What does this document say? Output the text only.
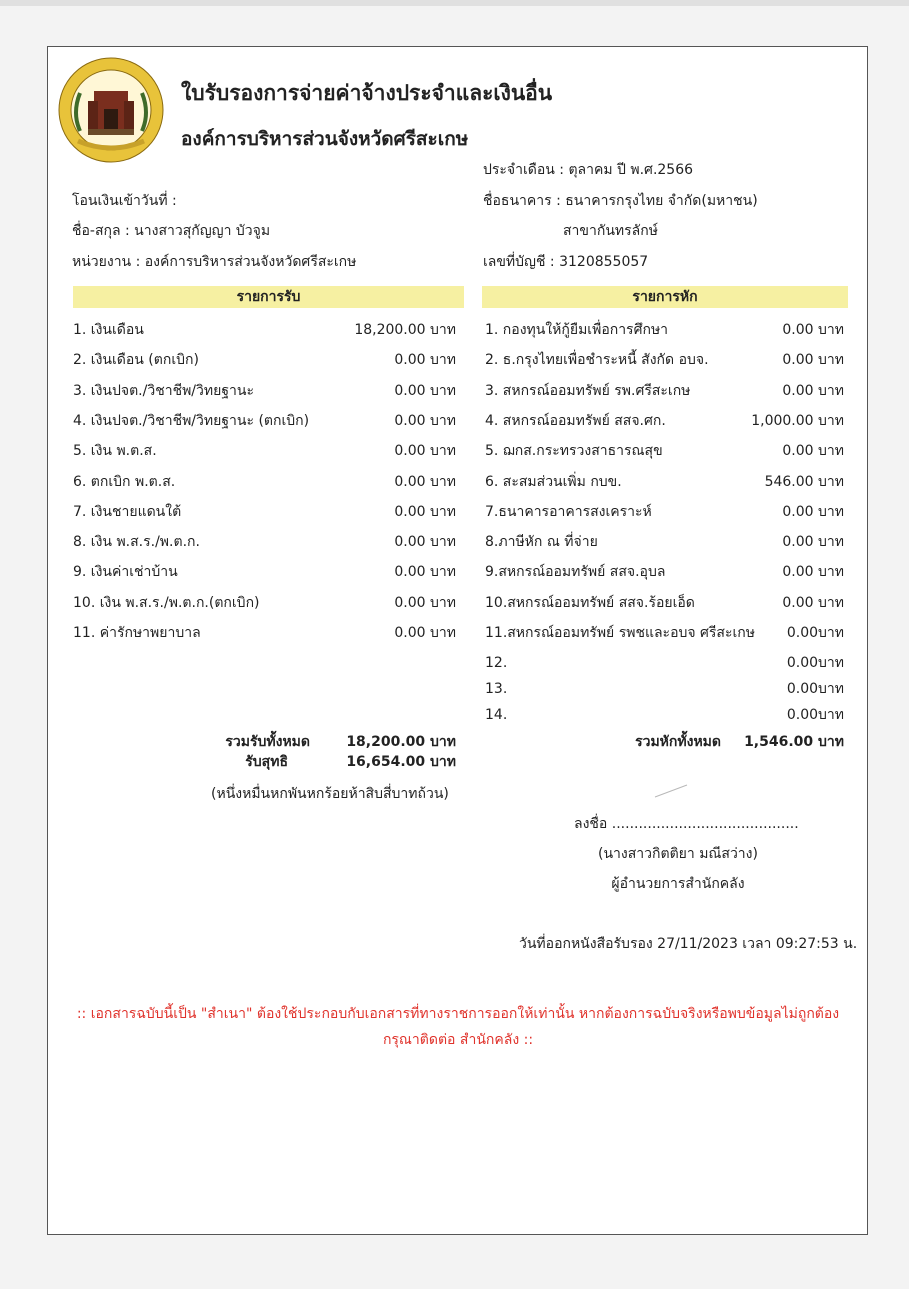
ใบรับรองการจ่ายค่าจ้างประจำและเงินอื่น
องค์การบริหารส่วนจังหวัดศรีสะเกษ
ประจำเดือน : ตุลาคม ปี พ.ศ.2566
โอนเงินเข้าวันที่ :	ชื่อธนาคาร : ธนาคารกรุงไทย จำกัด(มหาชน)
ชื่อ-สกุล : นางสาวสุกัญญา บัวจูม	สาขากันทรลักษ์
หน่วยงาน : องค์การบริหารส่วนจังหวัดศรีสะเกษ	เลขที่บัญชี : 3120855057
รายการรับ	รายการหัก
1. เงินเดือน	18,200.00 บาท
2. เงินเดือน (ตกเบิก)	0.00 บาท
3. เงินปจต./วิชาชีพ/วิทยฐานะ	0.00 บาท
4. เงินปจต./วิชาชีพ/วิทยฐานะ (ตกเบิก)	0.00 บาท
5. เงิน พ.ต.ส.	0.00 บาท
6. ตกเบิก พ.ต.ส.	0.00 บาท
7. เงินชายแดนใต้	0.00 บาท
8. เงิน พ.ส.ร./พ.ต.ก.	0.00 บาท
9. เงินค่าเช่าบ้าน	0.00 บาท
10. เงิน พ.ส.ร./พ.ต.ก.(ตกเบิก)	0.00 บาท
11. ค่ารักษาพยาบาล	0.00 บาท
1. กองทุนให้กู้ยืมเพื่อการศึกษา	0.00 บาท
2. ธ.กรุงไทยเพื่อชำระหนี้ สังกัด อบจ.	0.00 บาท
3. สหกรณ์ออมทรัพย์ รพ.ศรีสะเกษ	0.00 บาท
4. สหกรณ์ออมทรัพย์ สสจ.ศก.	1,000.00 บาท
5. ฌกส.กระทรวงสาธารณสุข	0.00 บาท
6. สะสมส่วนเพิ่ม กบข.	546.00 บาท
7.ธนาคารอาคารสงเคราะห์	0.00 บาท
8.ภาษีหัก ณ ที่จ่าย	0.00 บาท
9.สหกรณ์ออมทรัพย์ สสจ.อุบล	0.00 บาท
10.สหกรณ์ออมทรัพย์ สสจ.ร้อยเอ็ด	0.00 บาท
11.สหกรณ์ออมทรัพย์ รพชและอบจ ศรีสะเกษ 0.00บาท
12.	0.00บาท
13.	0.00บาท
14.	0.00บาท
รวมรับทั้งหมด	18,200.00 บาท
รับสุทธิ	16,654.00 บาท
(หนึ่งหมื่นหกพันหกร้อยห้าสิบสี่บาทถ้วน)
รวมหักทั้งหมด	1,546.00 บาท
ลงชื่อ ..........................................
(นางสาวกิตติยา มณีสว่าง)
ผู้อำนวยการสำนักคลัง
วันที่ออกหนังสือรับรอง 27/11/2023 เวลา 09:27:53 น.
:: เอกสารฉบับนี้เป็น "สำเนา" ต้องใช้ประกอบกับเอกสารที่ทางราชการออกให้เท่านั้น หากต้องการฉบับจริงหรือพบข้อมูลไม่ถูกต้อง
กรุณาติดต่อ สำนักคลัง ::
